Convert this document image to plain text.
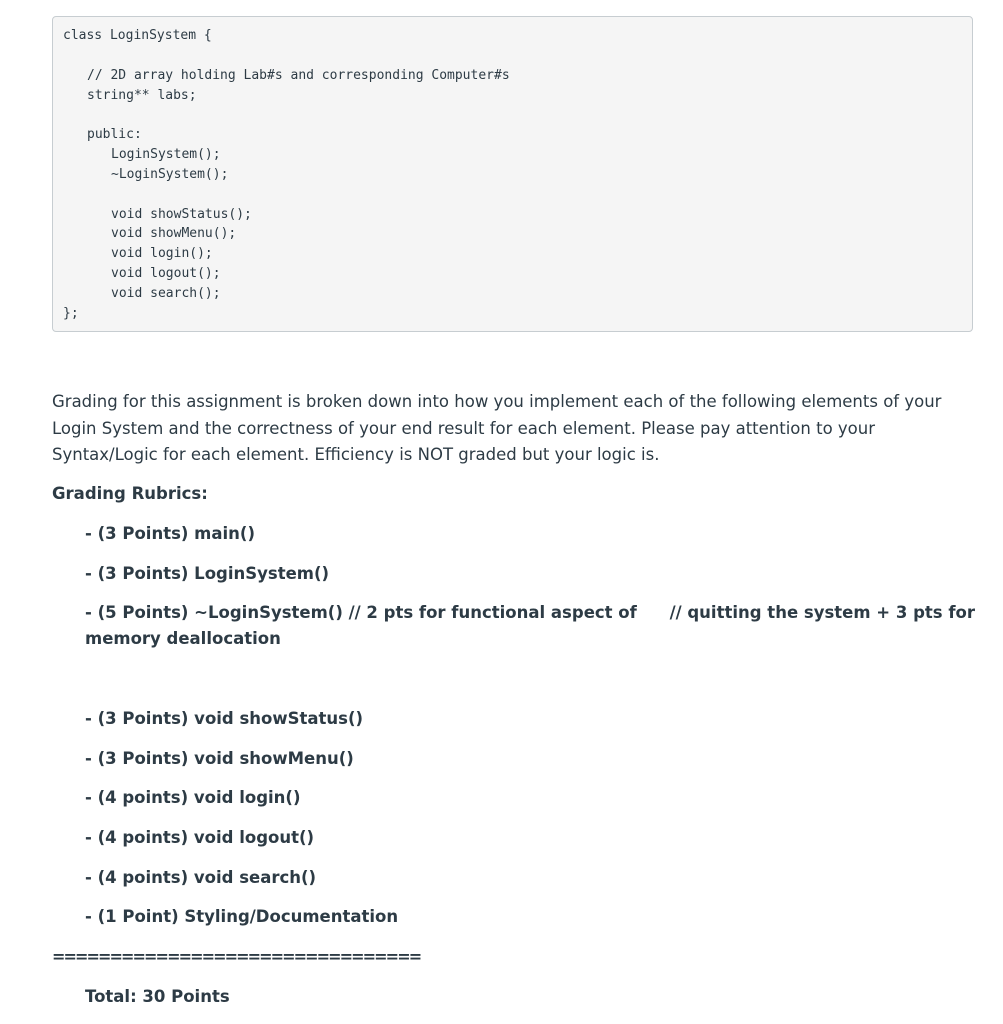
class LoginSystem {
// 2D array holding Lab#s and corresponding Computer#s
string** labs;
public:
LoginSystem();
~LoginSystem();
void showStatus();
void showMenu();
void login();
void logout();
void search();
};

Grading for this assignment is broken down into how you implement each of the following elements of your Login System and the correctness of your end result for each element. Please pay attention to your Syntax/Logic for each element. Efficiency is NOT graded but your logic is.

Grading Rubrics:

- (3 Points) main()

- (3 Points) LoginSystem()

- (5 Points) ~LoginSystem() // 2 pts for functional aspect of // quitting the system + 3 pts for
memory deallocation

- (3 Points) void showStatus()

- (3 Points) void showMenu()

- (4 points) void login()

- (4 points) void logout()

- (4 points) void search()

- (1 Point) Styling/Documentation

================================
Total: 30 Points
